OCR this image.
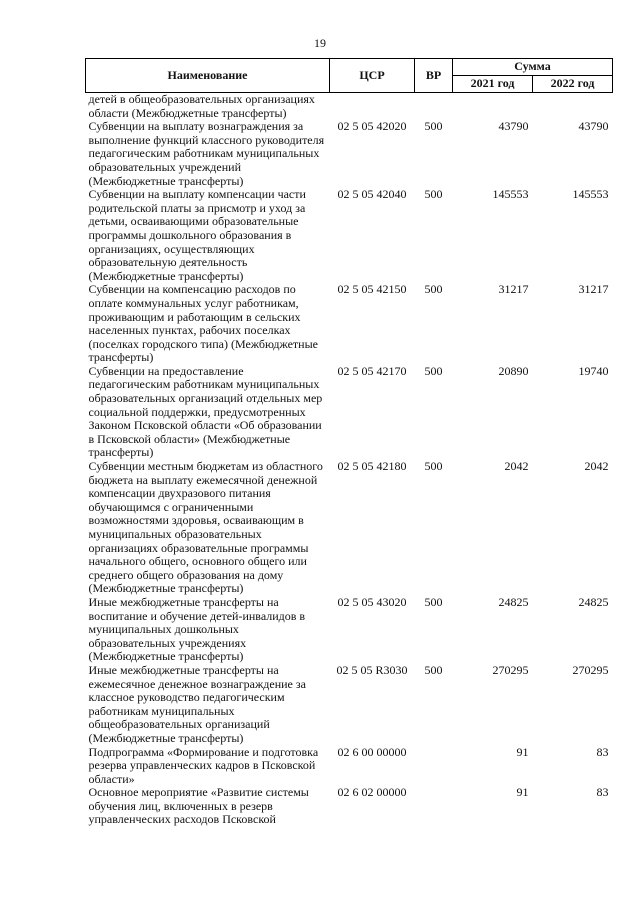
19
Наименование	ЦСР	ВР	Сумма	
			2021 год	2022 год
детей в общеобразовательных организациях области (Межбюджетные трансферты)				
Субвенции на выплату вознаграждения за выполнение функций классного руководителя педагогическим работникам муниципальных образовательных учреждений (Межбюджетные трансферты)	02 5 05 42020	500	43790	43790
Субвенции на выплату компенсации части родительской платы за присмотр и уход за детьми, осваивающими образовательные программы дошкольного образования в организациях, осуществляющих образовательную деятельность (Межбюджетные трансферты)	02 5 05 42040	500	145553	145553
Субвенции на компенсацию расходов по оплате коммунальных услуг работникам, проживающим и работающим в сельских населенных пунктах, рабочих поселках (поселках городского типа) (Межбюджетные трансферты)	02 5 05 42150	500	31217	31217
Субвенции на предоставление педагогическим работникам муниципальных образовательных организаций отдельных мер социальной поддержки, предусмотренных Законом Псковской области «Об образовании в Псковской области» (Межбюджетные трансферты)	02 5 05 42170	500	20890	19740
Субвенции местным бюджетам из областного бюджета на выплату ежемесячной денежной компенсации двухразового питания обучающимся с ограниченными возможностями здоровья, осваивающим в муниципальных образовательных организациях образовательные программы начального общего, основного общего или среднего общего образования на дому (Межбюджетные трансферты)	02 5 05 42180	500	2042	2042
Иные межбюджетные трансферты на воспитание и обучение детей-инвалидов в муниципальных дошкольных образовательных учреждениях (Межбюджетные трансферты)	02 5 05 43020	500	24825	24825
Иные межбюджетные трансферты на ежемесячное денежное вознаграждение за классное руководство педагогическим работникам муниципальных общеобразовательных организаций (Межбюджетные трансферты)	02 5 05 R3030	500	270295	270295
Подпрограмма «Формирование и подготовка резерва управленческих кадров в Псковской области»	02 6 00 00000		91	83
Основное мероприятие «Развитие системы обучения лиц, включенных в резерв управленческих расходов Псковской	02 6 02 00000		91	83
